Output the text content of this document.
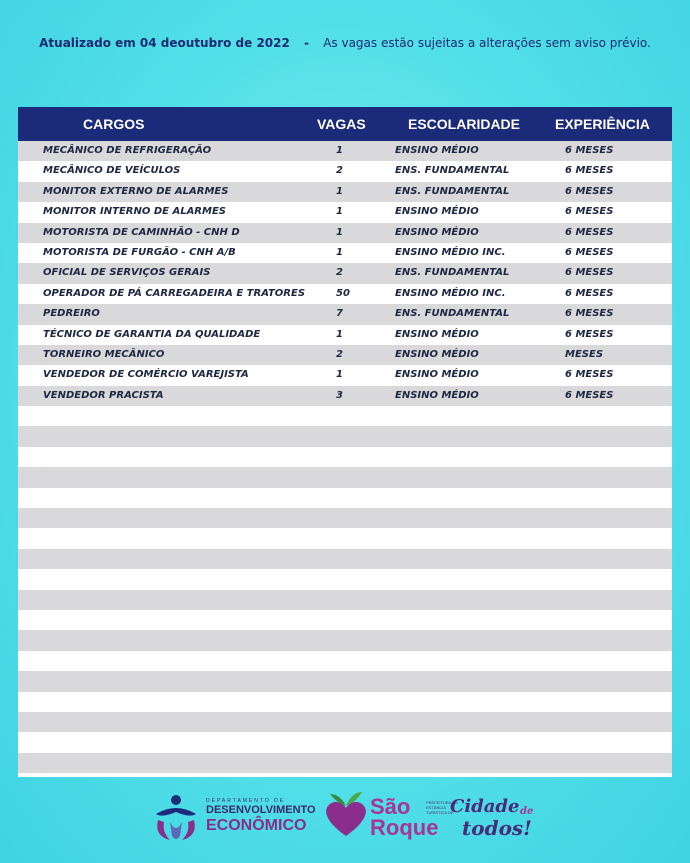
Atualizado em 04 deoutubro de 2022 - As vagas estão sujeitas a alterações sem aviso prévio.
CARGOS	VAGAS	ESCOLARIDADE EXPERIÊNCIA
MECÂNICO DE REFRIGERAÇÃO	1	ENSINO MÉDIO	6 MESES
MECÂNICO DE VEÍCULOS	2	ENS. FUNDAMENTAL	6 MESES
MONITOR EXTERNO DE ALARMES	1	ENS. FUNDAMENTAL	6 MESES
MONITOR INTERNO DE ALARMES	1	ENSINO MÉDIO	6 MESES
MOTORISTA DE CAMINHÃO - CNH D	1	ENSINO MÉDIO	6 MESES
MOTORISTA DE FURGÃO - CNH A/B	1	ENSINO MÉDIO INC.	6 MESES
OFICIAL DE SERVIÇOS GERAIS	2	ENS. FUNDAMENTAL	6 MESES
OPERADOR DE PÁ CARREGADEIRA E TRATORES	50	ENSINO MÉDIO INC.	6 MESES
PEDREIRO	7	ENS. FUNDAMENTAL	6 MESES
TÉCNICO DE GARANTIA DA QUALIDADE	1	ENSINO MÉDIO	6 MESES
TORNEIRO MECÂNICO	2	ENSINO MÉDIO	MESES
VENDEDOR DE COMÉRCIO VAREJISTA	1	ENSINO MÉDIO	6 MESES
VENDEDOR PRACISTA	3	ENSINO MÉDIO	6 MESES
DEPARTAMENTO DE
DESENVOLVIMENTO
ECONÔMICO
São
Roque
PREFEITURA DA ESTÂNCIA TURÍSTICA DE
Cidade de
todos!
